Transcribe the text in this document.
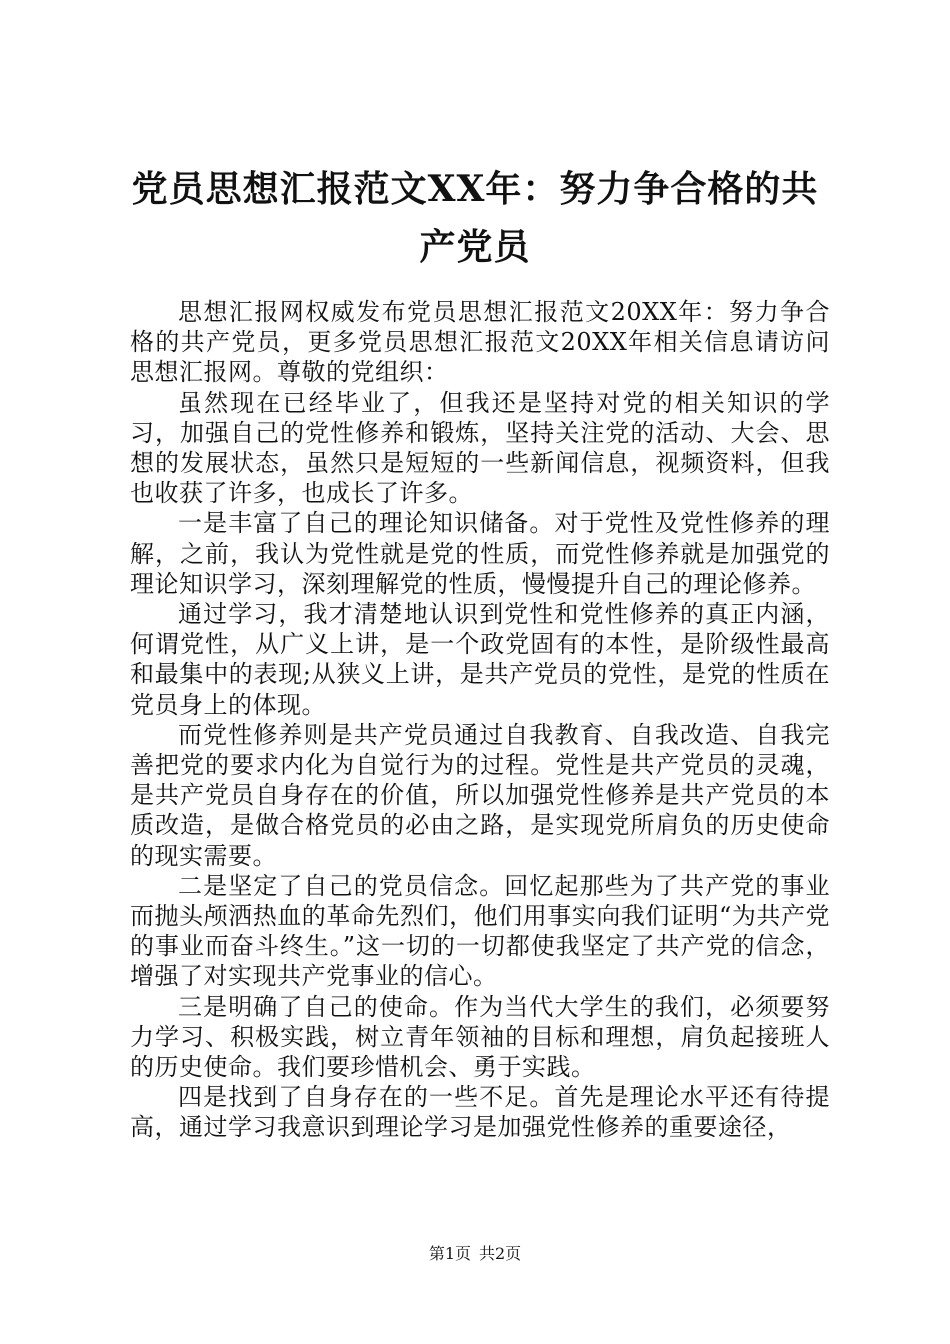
党员思想汇报范文XX年：努力争合格的共产党员

思想汇报网权威发布党员思想汇报范文20XX年：努力争合格的共产党员，更多党员思想汇报范文20XX年相关信息请访问思想汇报网。尊敬的党组织：

虽然现在已经毕业了，但我还是坚持对党的相关知识的学习，加强自己的党性修养和锻炼，坚持关注党的活动、大会、思想的发展状态，虽然只是短短的一些新闻信息，视频资料，但我也收获了许多，也成长了许多。

一是丰富了自己的理论知识储备。对于党性及党性修养的理解，之前，我认为党性就是党的性质，而党性修养就是加强党的理论知识学习，深刻理解党的性质，慢慢提升自己的理论修养。

通过学习，我才清楚地认识到党性和党性修养的真正内涵，何谓党性，从广义上讲，是一个政党固有的本性，是阶级性最高和最集中的表现;从狭义上讲，是共产党员的党性，是党的性质在党员身上的体现。

而党性修养则是共产党员通过自我教育、自我改造、自我完善把党的要求内化为自觉行为的过程。党性是共产党员的灵魂，是共产党员自身存在的价值，所以加强党性修养是共产党员的本质改造，是做合格党员的必由之路，是实现党所肩负的历史使命的现实需要。

二是坚定了自己的党员信念。回忆起那些为了共产党的事业而抛头颅洒热血的革命先烈们，他们用事实向我们证明“为共产党的事业而奋斗终生。”这一切的一切都使我坚定了共产党的信念，增强了对实现共产党事业的信心。

三是明确了自己的使命。作为当代大学生的我们，必须要努力学习、积极实践，树立青年领袖的目标和理想，肩负起接班人的历史使命。我们要珍惜机会、勇于实践。

四是找到了自身存在的一些不足。首先是理论水平还有待提高，通过学习我意识到理论学习是加强党性修养的重要途径，

第1页 共2页
